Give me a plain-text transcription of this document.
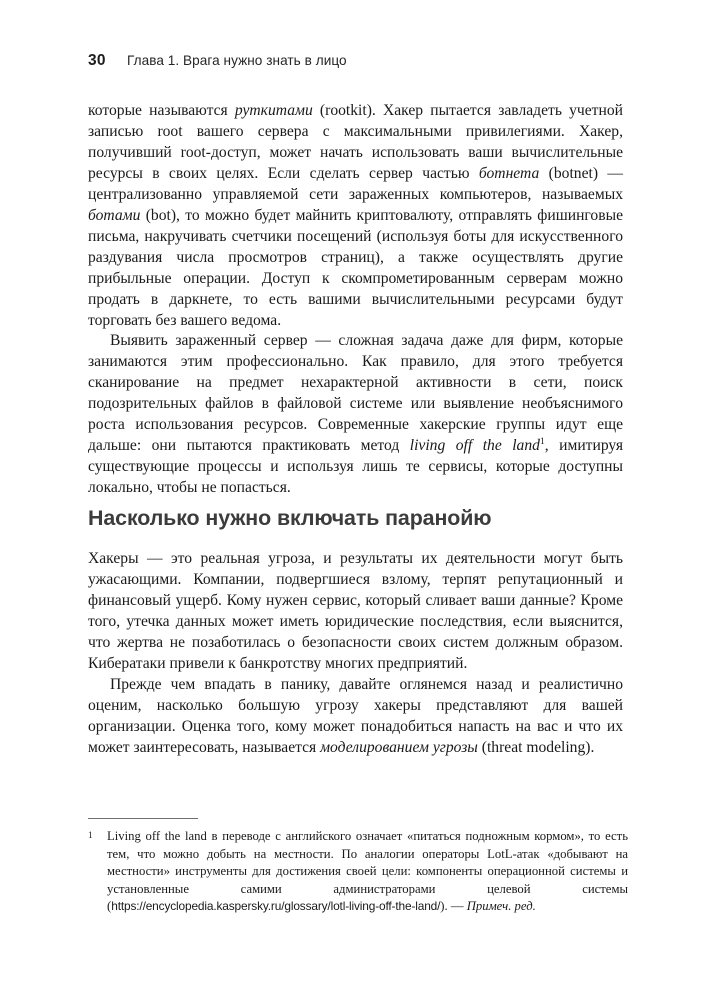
30	Глава 1. Врага нужно знать в лицо

которые называются руткитами (rootkit). Хакер пытается завладеть учетной записью root вашего сервера с максимальными привилегиями. Хакер, получивший root-доступ, может начать использовать ваши вычислительные ресурсы в своих целях. Если сделать сервер частью ботнета (botnet) — централизованно управляемой сети зараженных компьютеров, называемых ботами (bot), то можно будет майнить криптовалюту, отправлять фишинговые письма, накручивать счетчики посещений (используя боты для искусственного раздувания числа просмотров страниц), а также осуществлять другие прибыльные операции. Доступ к скомпрометированным серверам можно продать в даркнете, то есть вашими вычислительными ресурсами будут торговать без вашего ведома.

Выявить зараженный сервер — сложная задача даже для фирм, которые занимаются этим профессионально. Как правило, для этого требуется сканирование на предмет нехарактерной активности в сети, поиск подозрительных файлов в файловой системе или выявление необъяснимого роста использования ресурсов. Современные хакерские группы идут еще дальше: они пытаются практиковать метод living off the land$^1$, имитируя существующие процессы и используя лишь те сервисы, которые доступны локально, чтобы не попасться.

Насколько нужно включать паранойю

Хакеры — это реальная угроза, и результаты их деятельности могут быть ужасающими. Компании, подвергшиеся взлому, терпят репутационный и финансовый ущерб. Кому нужен сервис, который сливает ваши данные? Кроме того, утечка данных может иметь юридические последствия, если выяснится, что жертва не позаботилась о безопасности своих систем должным образом. Кибератаки привели к банкротству многих предприятий.

Прежде чем впадать в панику, давайте оглянемся назад и реалистично оценим, насколько большую угрозу хакеры представляют для вашей организации. Оценка того, кому может понадобиться напасть на вас и что их может заинтересовать, называется моделированием угрозы (threat modeling).

1 Living off the land в переводе с английского означает «питаться подножным кормом», то есть тем, что можно добыть на местности. По аналогии операторы LotL-атак «добывают на местности» инструменты для достижения своей цели: компоненты операционной системы и установленные самими администраторами целевой системы (https://encyclopedia.kaspersky.ru/glossary/lotl-living-off-the-land/). — Примеч. ред.
